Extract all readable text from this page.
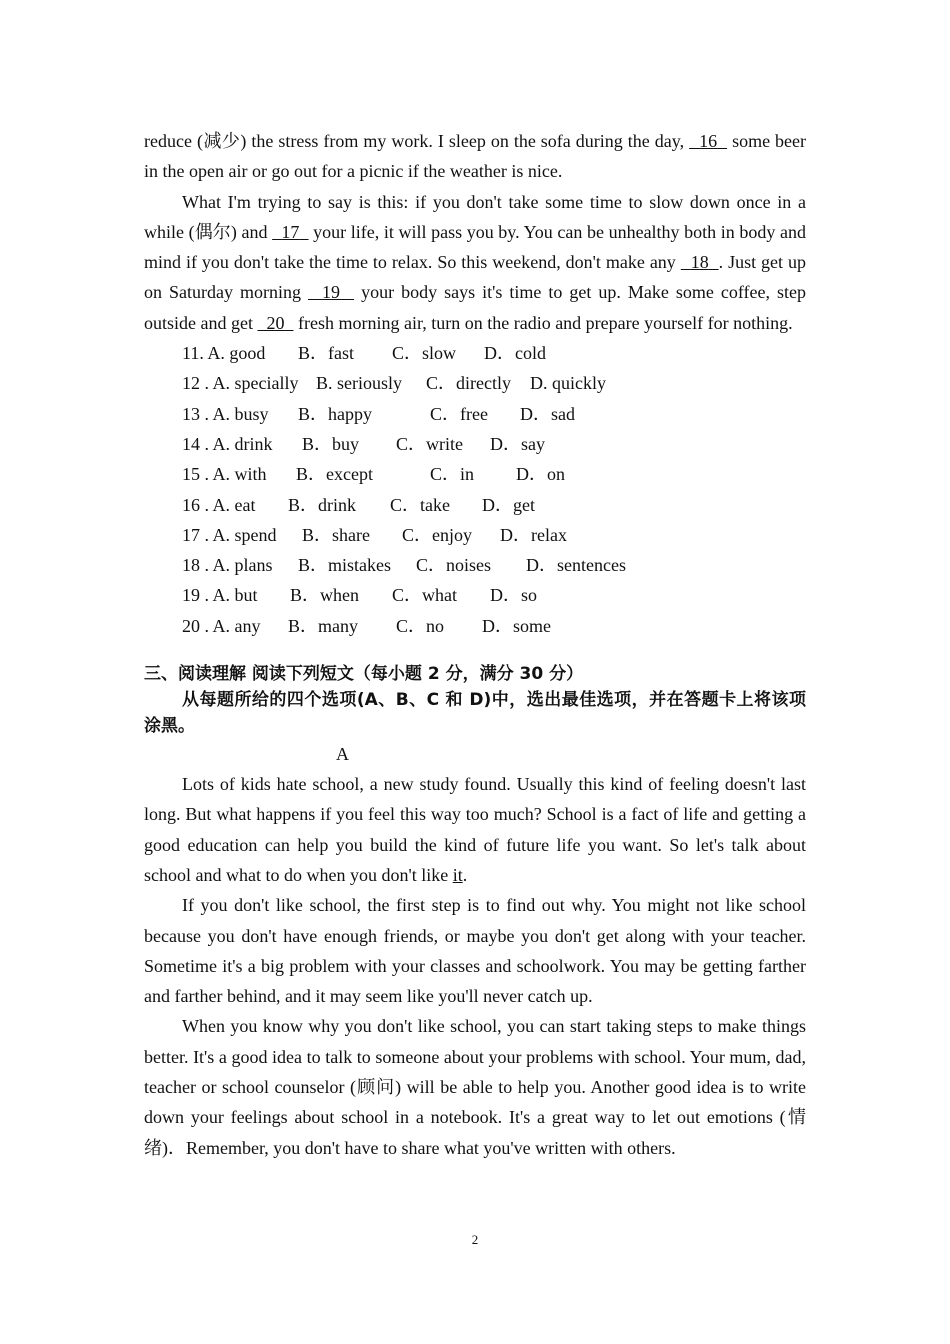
reduce (减少) the stress from my work. I sleep on the sofa during the day,   16   some beer in the open air or go out for a picnic if the weather is nice.

What I'm trying to say is this: if you don't take some time to slow down once in a while (偶尔) and   17   your life, it will pass you by. You can be unhealthy both in body and mind if you don't take the time to relax. So this weekend, don't make any   18 . Just get up on Saturday morning   19   your body says it's time to get up. Make some coffee, step outside and get   20   fresh morning air, turn on the radio and prepare yourself for nothing.

11. A. good B．fast C．slow D．cold
12 . A. specially B. seriously C．directly D. quickly
13 . A. busy B．happy	C．free D．sad
14 . A. drink B．buy C．write D．say
15 . A. with B．except	C．in D．on
16 . A. eat B．drink C．take D．get
17 . A. spend B．share C．enjoy D．relax
18 . A. plans B．mistakes C．noises D．sentences
19 . A. but B．when C．what D．so
20 . A. any B．many C．no D．some
三、阅读理解 阅读下列短文（每小题 2 分，满分 30 分）

从每题所给的四个选项(A、B、C 和 D)中，选出最佳选项，并在答题卡上将该项涂黑。

A

Lots of kids hate school, a new study found. Usually this kind of feeling doesn't last long. But what happens if you feel this way too much? School is a fact of life and getting a good education can help you build the kind of future life you want. So let's talk about school and what to do when you don't like it.

If you don't like school, the first step is to find out why. You might not like school because you don't have enough friends, or maybe you don't get along with your teacher. Sometime it's a big problem with your classes and schoolwork. You may be getting farther and farther behind, and it may seem like you'll never catch up.

When you know why you don't like school, you can start taking steps to make things better. It's a good idea to talk to someone about your problems with school. Your mum, dad, teacher or school counselor (顾问) will be able to help you. Another good idea is to write down your feelings about school in a notebook. It's a great way to let out emotions (情绪)．Remember, you don't have to share what you've written with others.

2
